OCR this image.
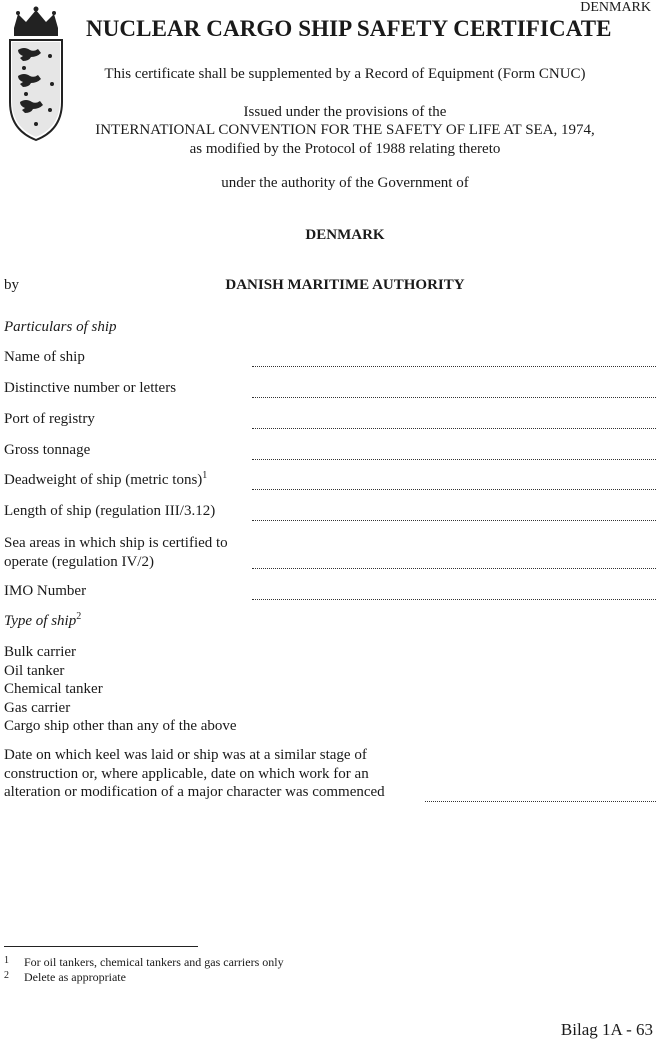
DENMARK
NUCLEAR CARGO SHIP SAFETY CERTIFICATE
This certificate shall be supplemented by a Record of Equipment (Form CNUC)
Issued under the provisions of the
INTERNATIONAL CONVENTION FOR THE SAFETY OF LIFE AT SEA, 1974,
as modified by the Protocol of 1988 relating thereto
under the authority of the Government of
DENMARK
by	DANISH MARITIME AUTHORITY
Particulars of ship
Name of ship
Distinctive number or letters
Port of registry
Gross tonnage
Deadweight of ship (metric tons)$^1$
Length of ship (regulation III/3.12)
Sea areas in which ship is certified to
operate (regulation IV/2)
IMO Number
Type of ship$^2$
Bulk carrier
Oil tanker
Chemical tanker
Gas carrier
Cargo ship other than any of the above
Date on which keel was laid or ship was at a similar stage of
construction or, where applicable, date on which work for an
alteration or modification of a major character was commenced
1 For oil tankers, chemical tankers and gas carriers only
2 Delete as appropriate
Bilag 1A - 63
